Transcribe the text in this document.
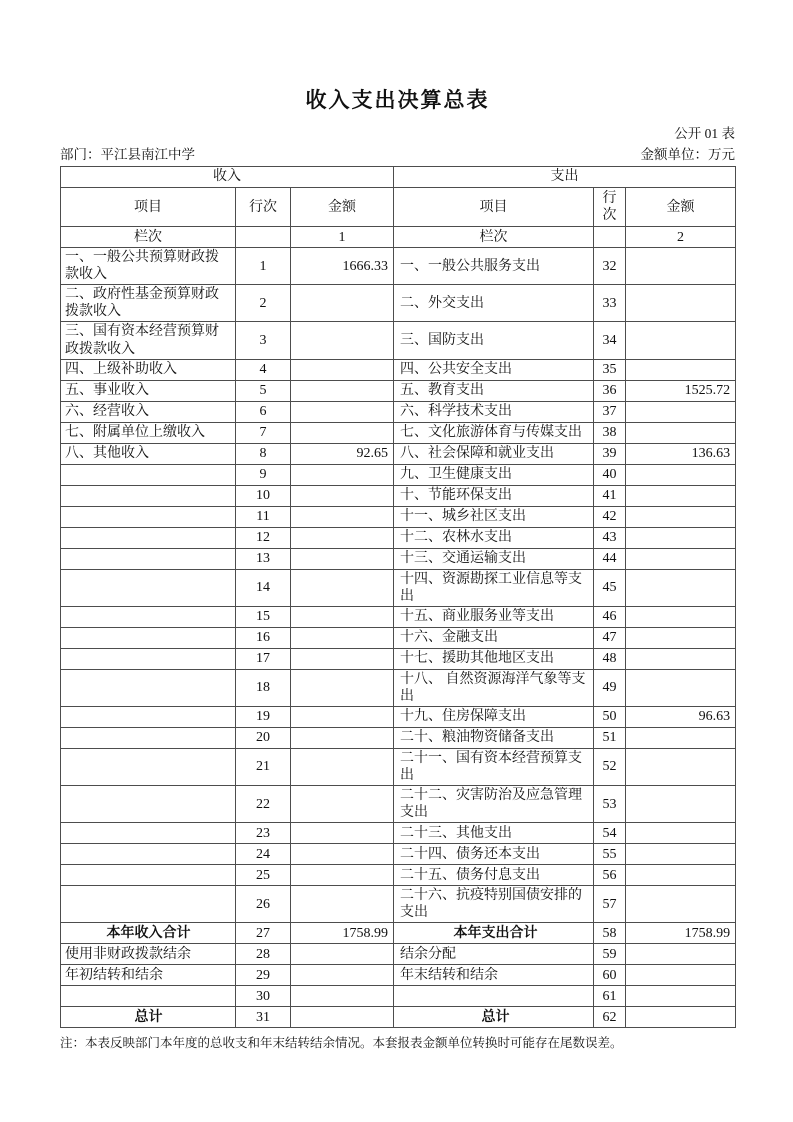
收入支出决算总表
公开 01 表
部门：平江县南江中学	金额单位：万元
收入			支出		
项目	行次	金额	项目	行次	金额
栏次		1	栏次		2
一、一般公共预算财政拨款收入	1	1666.33	一、一般公共服务支出	32	
二、政府性基金预算财政拨款收入	2		二、外交支出	33	
三、国有资本经营预算财政拨款收入	3		三、国防支出	34	
四、上级补助收入	4		四、公共安全支出	35	
五、事业收入	5		五、教育支出	36	1525.72
六、经营收入	6		六、科学技术支出	37	
七、附属单位上缴收入	7		七、文化旅游体育与传媒支出	38	
八、其他收入	8	92.65	八、社会保障和就业支出	39	136.63
	9		九、卫生健康支出	40	
	10		十、节能环保支出	41	
	11		十一、城乡社区支出	42	
	12		十二、农林水支出	43	
	13		十三、交通运输支出	44	
	14		十四、资源勘探工业信息等支出	45	
	15		十五、商业服务业等支出	46	
	16		十六、金融支出	47	
	17		十七、援助其他地区支出	48	
	18		十八、 自然资源海洋气象等支出	49	
	19		十九、住房保障支出	50	96.63
	20		二十、粮油物资储备支出	51	
	21		二十一、国有资本经营预算支出	52	
	22		二十二、灾害防治及应急管理支出	53	
	23		二十三、其他支出	54	
	24		二十四、债务还本支出	55	
	25		二十五、债务付息支出	56	
	26		二十六、抗疫特别国债安排的支出	57	
本年收入合计	27	1758.99	本年支出合计	58	1758.99
使用非财政拨款结余	28		结余分配	59	
年初结转和结余	29		年末结转和结余	60	
	30			61	
总计	31		总计	62	
注：本表反映部门本年度的总收支和年末结转结余情况。本套报表金额单位转换时可能存在尾数误差。
